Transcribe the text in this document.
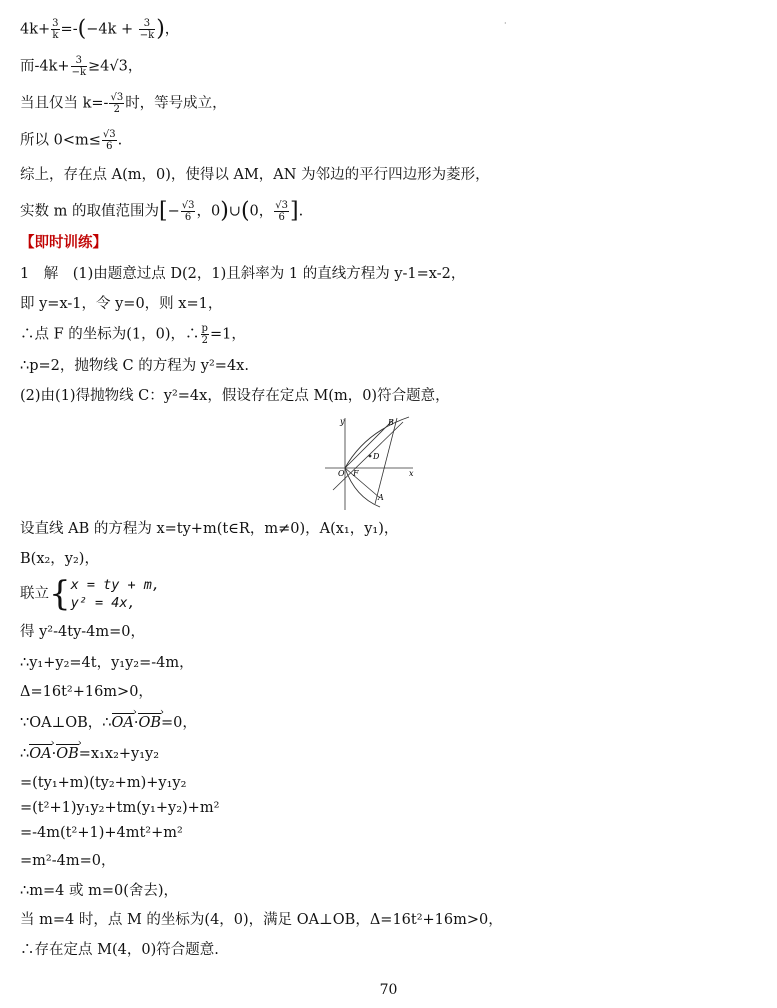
·
$4k+ \frac{3}{k} =-(-4k + \frac{3}{-k}$ )，
而$-4k+ \frac{3}{-k} \ge 4√3$，
当且仅当 $k=- \frac{√3}{2}$ 时，等号成立，
所以 $0<m\le \frac{√3}{6}$ .
综上，存在点 A(m，0)，使得以 AM，AN 为邻边的平行四边形为菱形，
实数 m 的取值范围为[− $\frac{√3}{6}$ ，0)∪(0， $\frac{√3}{6}$ ].
【即时训练】
1　解　(1)由题意过点 D(2，1)且斜率为 1 的直线方程为 y-1=x-2，
即 y=x-1，令 y=0，则 x=1，
∴点 F 的坐标为(1，0)，∴ $\frac{p}{2} =1$，
∴p=2，抛物线 C 的方程为 y²=4x.
(2)由(1)得抛物线 C：y²=4x，假设存在定点 M(m，0)符合题意，
y
x
O F
D
B
A
设直线 AB 的方程为 x=ty+m(t∈R，m≠0)，A(x₁，y₁)，
B(x₂，y₂)，
联立{ x = ty + m,
y² = 4x,
得 y²-4ty-4m=0，
∴y₁+y₂=4t，y₁y₂=-4m，
Δ=16t²+16m>0，
∵OA⊥OB，∴OA ›·OB ›=0，
∴OA ›·OB ›=x₁x₂+y₁y₂
=(ty₁+m)(ty₂+m)+y₁y₂
=(t²+1)y₁y₂+tm(y₁+y₂)+m²
=-4m(t²+1)+4mt²+m²
=m²-4m=0，
∴m=4 或 m=0(舍去)，
当 m=4 时，点 M 的坐标为(4，0)，满足 OA⊥OB，Δ=16t²+16m>0，
∴存在定点 M(4，0)符合题意.
70
